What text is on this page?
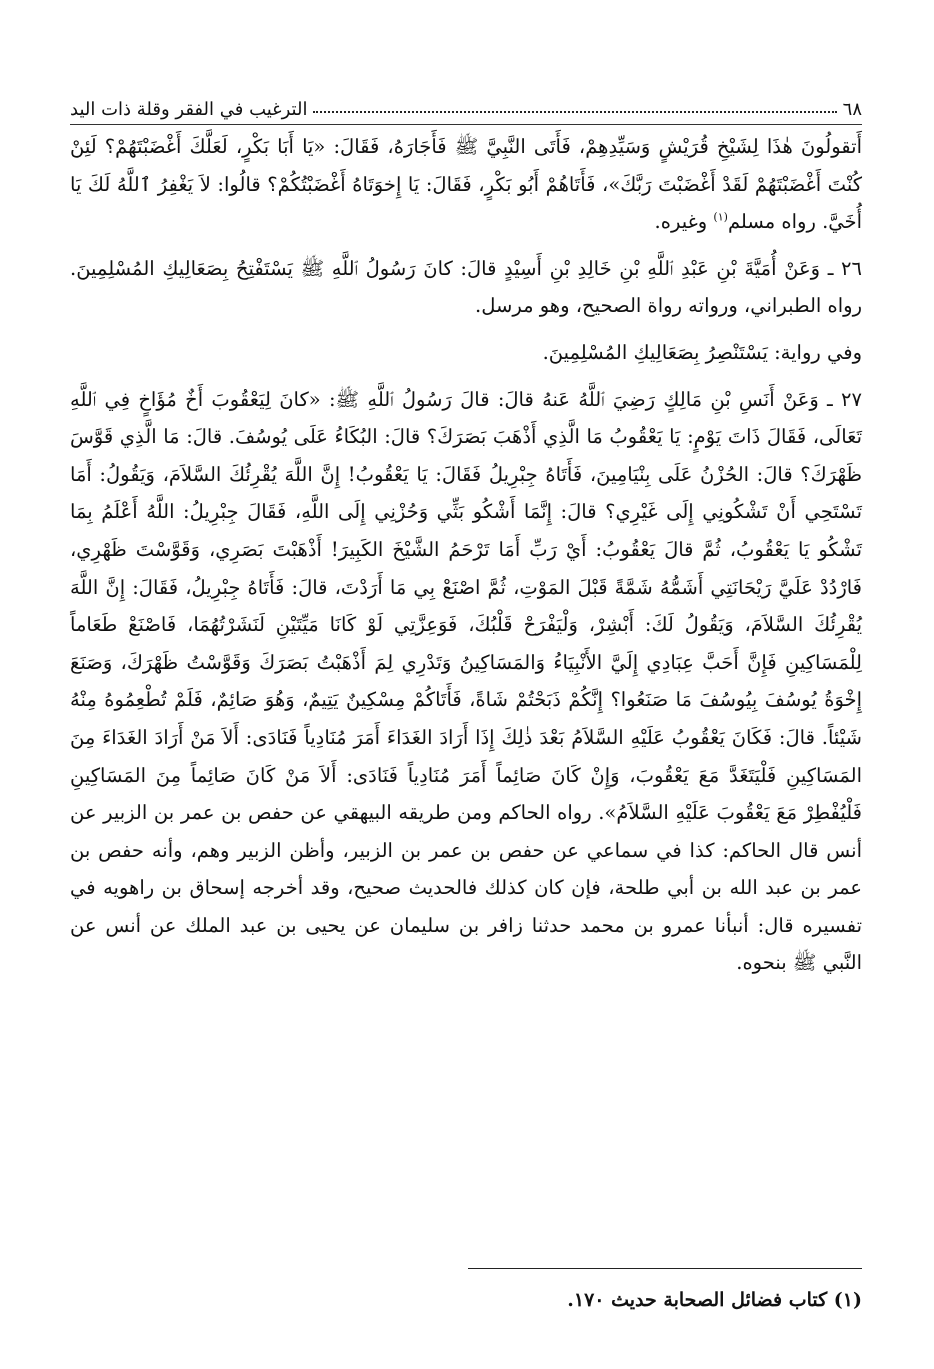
٦٨
الترغيب في الفقر وقلة ذات اليد

أَتقولُونَ هٰذَا لِشَيْخِ قُرَيْشٍ وَسَيِّدِهِمْ، فَأَتَى النَّبِيَّ ﷺ فَأَجَارَهُ، فَقَالَ: «يَا أَبَا بَكْرٍ، لَعَلَّكَ أَغْضَبْتَهُمْ؟ لَئِنْ كُنْتَ أَغْضَبْتَهُمْ لَقَدْ أَغْضَبْتَ رَبَّكَ»، فَأَتَاهُمْ أَبُو بَكْرٍ، فَقَالَ: يَا إِخوَتَاهُ أَغْضَبْتُكُمْ؟ قالُوا: لاَ يَغْفِرُ ٱللَّهُ لَكَ يَا أُخَيَّ. رواه مسلم$^{(١)}$ وغيره.

٢٦ ـ وَعَنْ أُمَيَّةَ بْنِ عَبْدِ ٱللَّهِ بْنِ خَالِدِ بْنِ أَسِيْدٍ قالَ: كانَ رَسُولُ ٱللَّهِ ﷺ يَسْتَفْتِحُ بِصَعَالِيكِ المُسْلِمِينَ. رواه الطبراني، ورواته رواة الصحيح، وهو مرسل.

وفي رواية: يَسْتَنْصِرُ بِصَعَالِيكِ المُسْلِمِينَ.

٢٧ ـ وَعَنْ أَنَسِ بْنِ مَالِكٍ رَضِيَ ٱللَّهُ عَنهُ قالَ: قالَ رَسُولُ ٱللَّهِ ﷺ: «كانَ لِيَعْقُوبَ أَخٌ مُؤَاخٍ فِي ٱللَّهِ تَعَالَى، فَقَالَ ذَاتَ يَوْمٍ: يَا يَعْقُوبُ مَا الَّذِي أَذْهَبَ بَصَرَكَ؟ قالَ: البُكَاءُ عَلَى يُوسُفَ. قالَ: مَا الَّذِي قَوَّسَ ظَهْرَكَ؟ قالَ: الحُزْنُ عَلَى بِنْيَامِينَ، فَأَتَاهُ جِبْرِيلُ فَقَالَ: يَا يَعْقُوبُ! إِنَّ اللَّهَ يُقْرِئُكَ السَّلاَمَ، وَيَقُولُ: أَمَا تَسْتَحِي أَنْ تَشْكُونِي إِلَى غَيْرِي؟ قالَ: إِنَّمَا أَشْكُو بَثِّي وَحُزْنِي إِلَى اللَّهِ، فَقَالَ جِبْرِيلُ: اللَّهُ أَعْلَمُ بِمَا تَشْكُو يَا يَعْقُوبُ، ثُمَّ قالَ يَعْقُوبُ: أَيْ رَبِّ أَمَا تَرْحَمُ الشَّيْخَ الكَبِيرَ! أَذْهَبْتَ بَصَرِي، وَقَوَّسْتَ ظَهْرِي، فَارْدُدْ عَلَيَّ رَيْحَانَتِي أَشَمُّهُ شَمَّةً قَبْلَ المَوْتِ، ثُمَّ اصْنَعْ بِي مَا أَرَدْتَ، قالَ: فَأَتَاهُ جِبْرِيلُ، فَقَالَ: إِنَّ اللَّهَ يُقْرِئُكَ السَّلاَمَ، وَيَقُولُ لَكَ: أَبْشِرْ، وَلْيَفْرَحْ قَلْبُكَ، فَوَعِزَّتِي لَوْ كَانَا مَيِّتَيْنِ لَنَشَرْتُهُمَا، فَاصْنَعْ طَعَاماً لِلْمَسَاكِينِ فَإِنَّ أَحَبَّ عِبَادِي إِلَيَّ الأَنْبِيَاءُ وَالمَسَاكِينُ وَتَدْرِي لِمَ أَذْهَبْتُ بَصَرَكَ وَقَوَّسْتُ ظَهْرَكَ، وَصَنَعَ إِخْوَةُ يُوسُفَ بِيُوسُفَ مَا صَنَعُوا؟ إِنَّكُمْ ذَبَحْتُمْ شَاةً، فَأَتَاكُمْ مِسْكِينٌ يَتِيمٌ، وَهُوَ صَائِمٌ، فَلَمْ تُطْعِمُوهُ مِنْهُ شَيْئاً. قالَ: فَكَانَ يَعْقُوبُ عَلَيْهِ السَّلاَمُ بَعْدَ ذٰلِكَ إِذَا أَرَادَ الغَدَاءَ أَمَرَ مُنَادِياً فَنَادَى: أَلاَ مَنْ أَرَادَ الغَدَاءَ مِنَ المَسَاكِينِ فَلْيَتَغَدَّ مَعَ يَعْقُوبَ، وَإِنْ كَانَ صَائِماً أَمَرَ مُنَادِياً فَنَادَى: أَلاَ مَنْ كَانَ صَائِماً مِنَ المَسَاكِينِ فَلْيُفْطِرْ مَعَ يَعْقُوبَ عَلَيْهِ السَّلاَمُ». رواه الحاكم ومن طريقه البيهقي عن حفص بن عمر بن الزبير عن أنس قال الحاكم: كذا في سماعي عن حفص بن عمر بن الزبير، وأظن الزبير وهم، وأنه حفص بن عمر بن عبد الله بن أبي طلحة، فإن كان كذلك فالحديث صحيح، وقد أخرجه إسحاق بن راهويه في تفسيره قال: أنبأنا عمرو بن محمد حدثنا زافر بن سليمان عن يحيى بن عبد الملك عن أنس عن النَّبي ﷺ بنحوه.

(١) كتاب فضائل الصحابة حديث ١٧٠.
